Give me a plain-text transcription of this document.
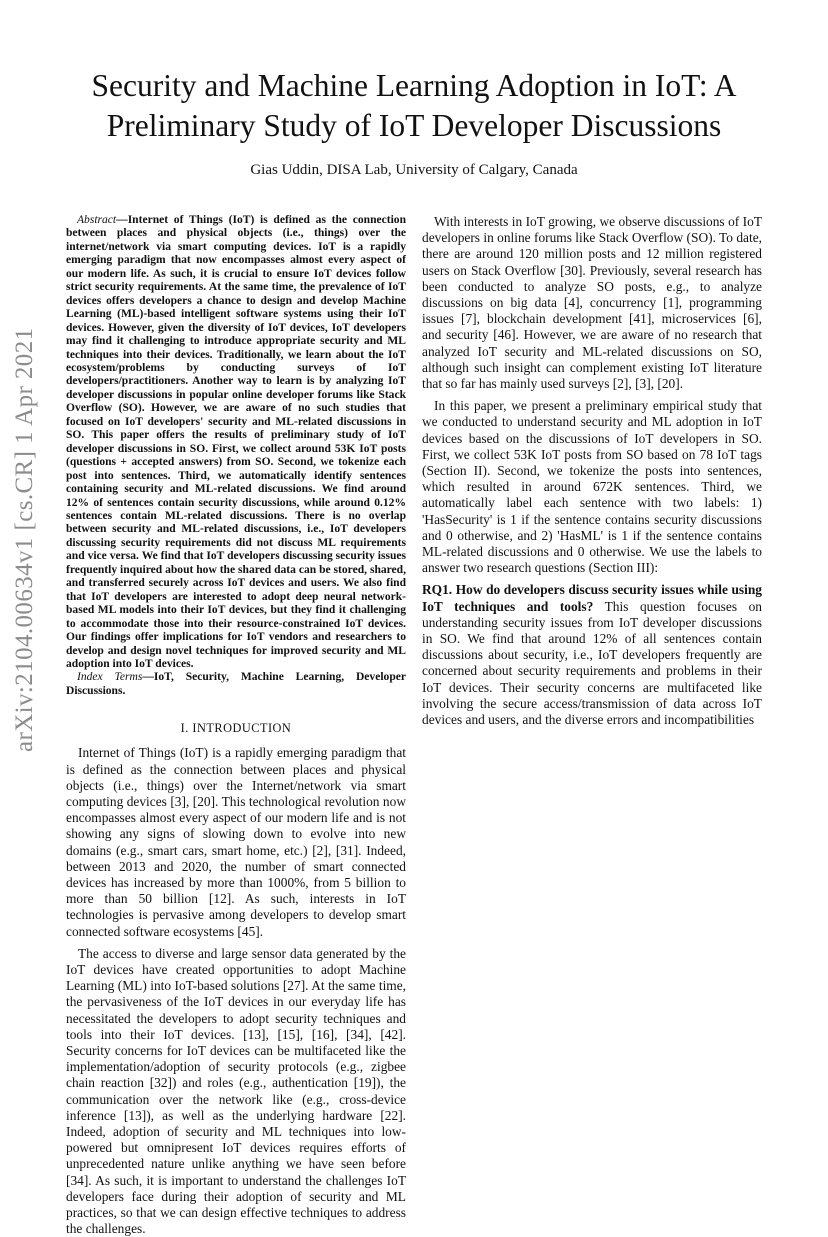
Security and Machine Learning Adoption in IoT: A
Preliminary Study of IoT Developer Discussions
Gias Uddin, DISA Lab, University of Calgary, Canada
arXiv:2104.00634v1 [cs.CR] 1 Apr 2021

Abstract—Internet of Things (IoT) is defined as the connection between places and physical objects (i.e., things) over the internet/network via smart computing devices. IoT is a rapidly emerging paradigm that now encompasses almost every aspect of our modern life. As such, it is crucial to ensure IoT devices follow strict security requirements. At the same time, the prevalence of IoT devices offers developers a chance to design and develop Machine Learning (ML)-based intelligent software systems using their IoT devices. However, given the diversity of IoT devices, IoT developers may find it challenging to introduce appropriate security and ML techniques into their devices. Traditionally, we learn about the IoT ecosystem/problems by conducting surveys of IoT developers/practitioners. Another way to learn is by analyzing IoT developer discussions in popular online developer forums like Stack Overflow (SO). However, we are aware of no such studies that focused on IoT developers' security and ML-related discussions in SO. This paper offers the results of preliminary study of IoT developer discussions in SO. First, we collect around 53K IoT posts (questions + accepted answers) from SO. Second, we tokenize each post into sentences. Third, we automatically identify sentences containing security and ML-related discussions. We find around 12% of sentences contain security discussions, while around 0.12% sentences contain ML-related discussions. There is no overlap between security and ML-related discussions, i.e., IoT developers discussing security requirements did not discuss ML requirements and vice versa. We find that IoT developers discussing security issues frequently inquired about how the shared data can be stored, shared, and transferred securely across IoT devices and users. We also find that IoT developers are interested to adopt deep neural network-based ML models into their IoT devices, but they find it challenging to accommodate those into their resource-constrained IoT devices. Our findings offer implications for IoT vendors and researchers to develop and design novel techniques for improved security and ML adoption into IoT devices.

Index Terms—IoT, Security, Machine Learning, Developer Discussions.

I. INTRODUCTION

Internet of Things (IoT) is a rapidly emerging paradigm that is defined as the connection between places and physical objects (i.e., things) over the Internet/network via smart computing devices [3], [20]. This technological revolution now encompasses almost every aspect of our modern life and is not showing any signs of slowing down to evolve into new domains (e.g., smart cars, smart home, etc.) [2], [31]. Indeed, between 2013 and 2020, the number of smart connected devices has increased by more than 1000%, from 5 billion to more than 50 billion [12]. As such, interests in IoT technologies is pervasive among developers to develop smart connected software ecosystems [45].

The access to diverse and large sensor data generated by the IoT devices have created opportunities to adopt Machine Learning (ML) into IoT-based solutions [27]. At the same time, the pervasiveness of the IoT devices in our everyday life has necessitated the developers to adopt security techniques and tools into their IoT devices. [13], [15], [16], [34], [42]. Security concerns for IoT devices can be multifaceted like the implementation/adoption of security protocols (e.g., zigbee chain reaction [32]) and roles (e.g., authentication [19]), the communication over the network like (e.g., cross-device inference [13]), as well as the underlying hardware [22]. Indeed, adoption of security and ML techniques into low-powered but omnipresent IoT devices requires efforts of unprecedented nature unlike anything we have seen before [34]. As such, it is important to understand the challenges IoT developers face during their adoption of security and ML practices, so that we can design effective techniques to address the challenges.

With interests in IoT growing, we observe discussions of IoT developers in online forums like Stack Overflow (SO). To date, there are around 120 million posts and 12 million registered users on Stack Overflow [30]. Previously, several research has been conducted to analyze SO posts, e.g., to analyze discussions on big data [4], concurrency [1], programming issues [7], blockchain development [41], microservices [6], and security [46]. However, we are aware of no research that analyzed IoT security and ML-related discussions on SO, although such insight can complement existing IoT literature that so far has mainly used surveys [2], [3], [20].

In this paper, we present a preliminary empirical study that we conducted to understand security and ML adoption in IoT devices based on the discussions of IoT developers in SO. First, we collect 53K IoT posts from SO based on 78 IoT tags (Section II). Second, we tokenize the posts into sentences, which resulted in around 672K sentences. Third, we automatically label each sentence with two labels: 1) 'HasSecurity' is 1 if the sentence contains security discussions and 0 otherwise, and 2) 'HasML' is 1 if the sentence contains ML-related discussions and 0 otherwise. We use the labels to answer two research questions (Section III):

RQ1. How do developers discuss security issues while using IoT techniques and tools? This question focuses on understanding security issues from IoT developer discussions in SO. We find that around 12% of all sentences contain discussions about security, i.e., IoT developers frequently are concerned about security requirements and problems in their IoT devices. Their security concerns are multifaceted like involving the secure access/transmission of data across IoT devices and users, and the diverse errors and incompatibilities
